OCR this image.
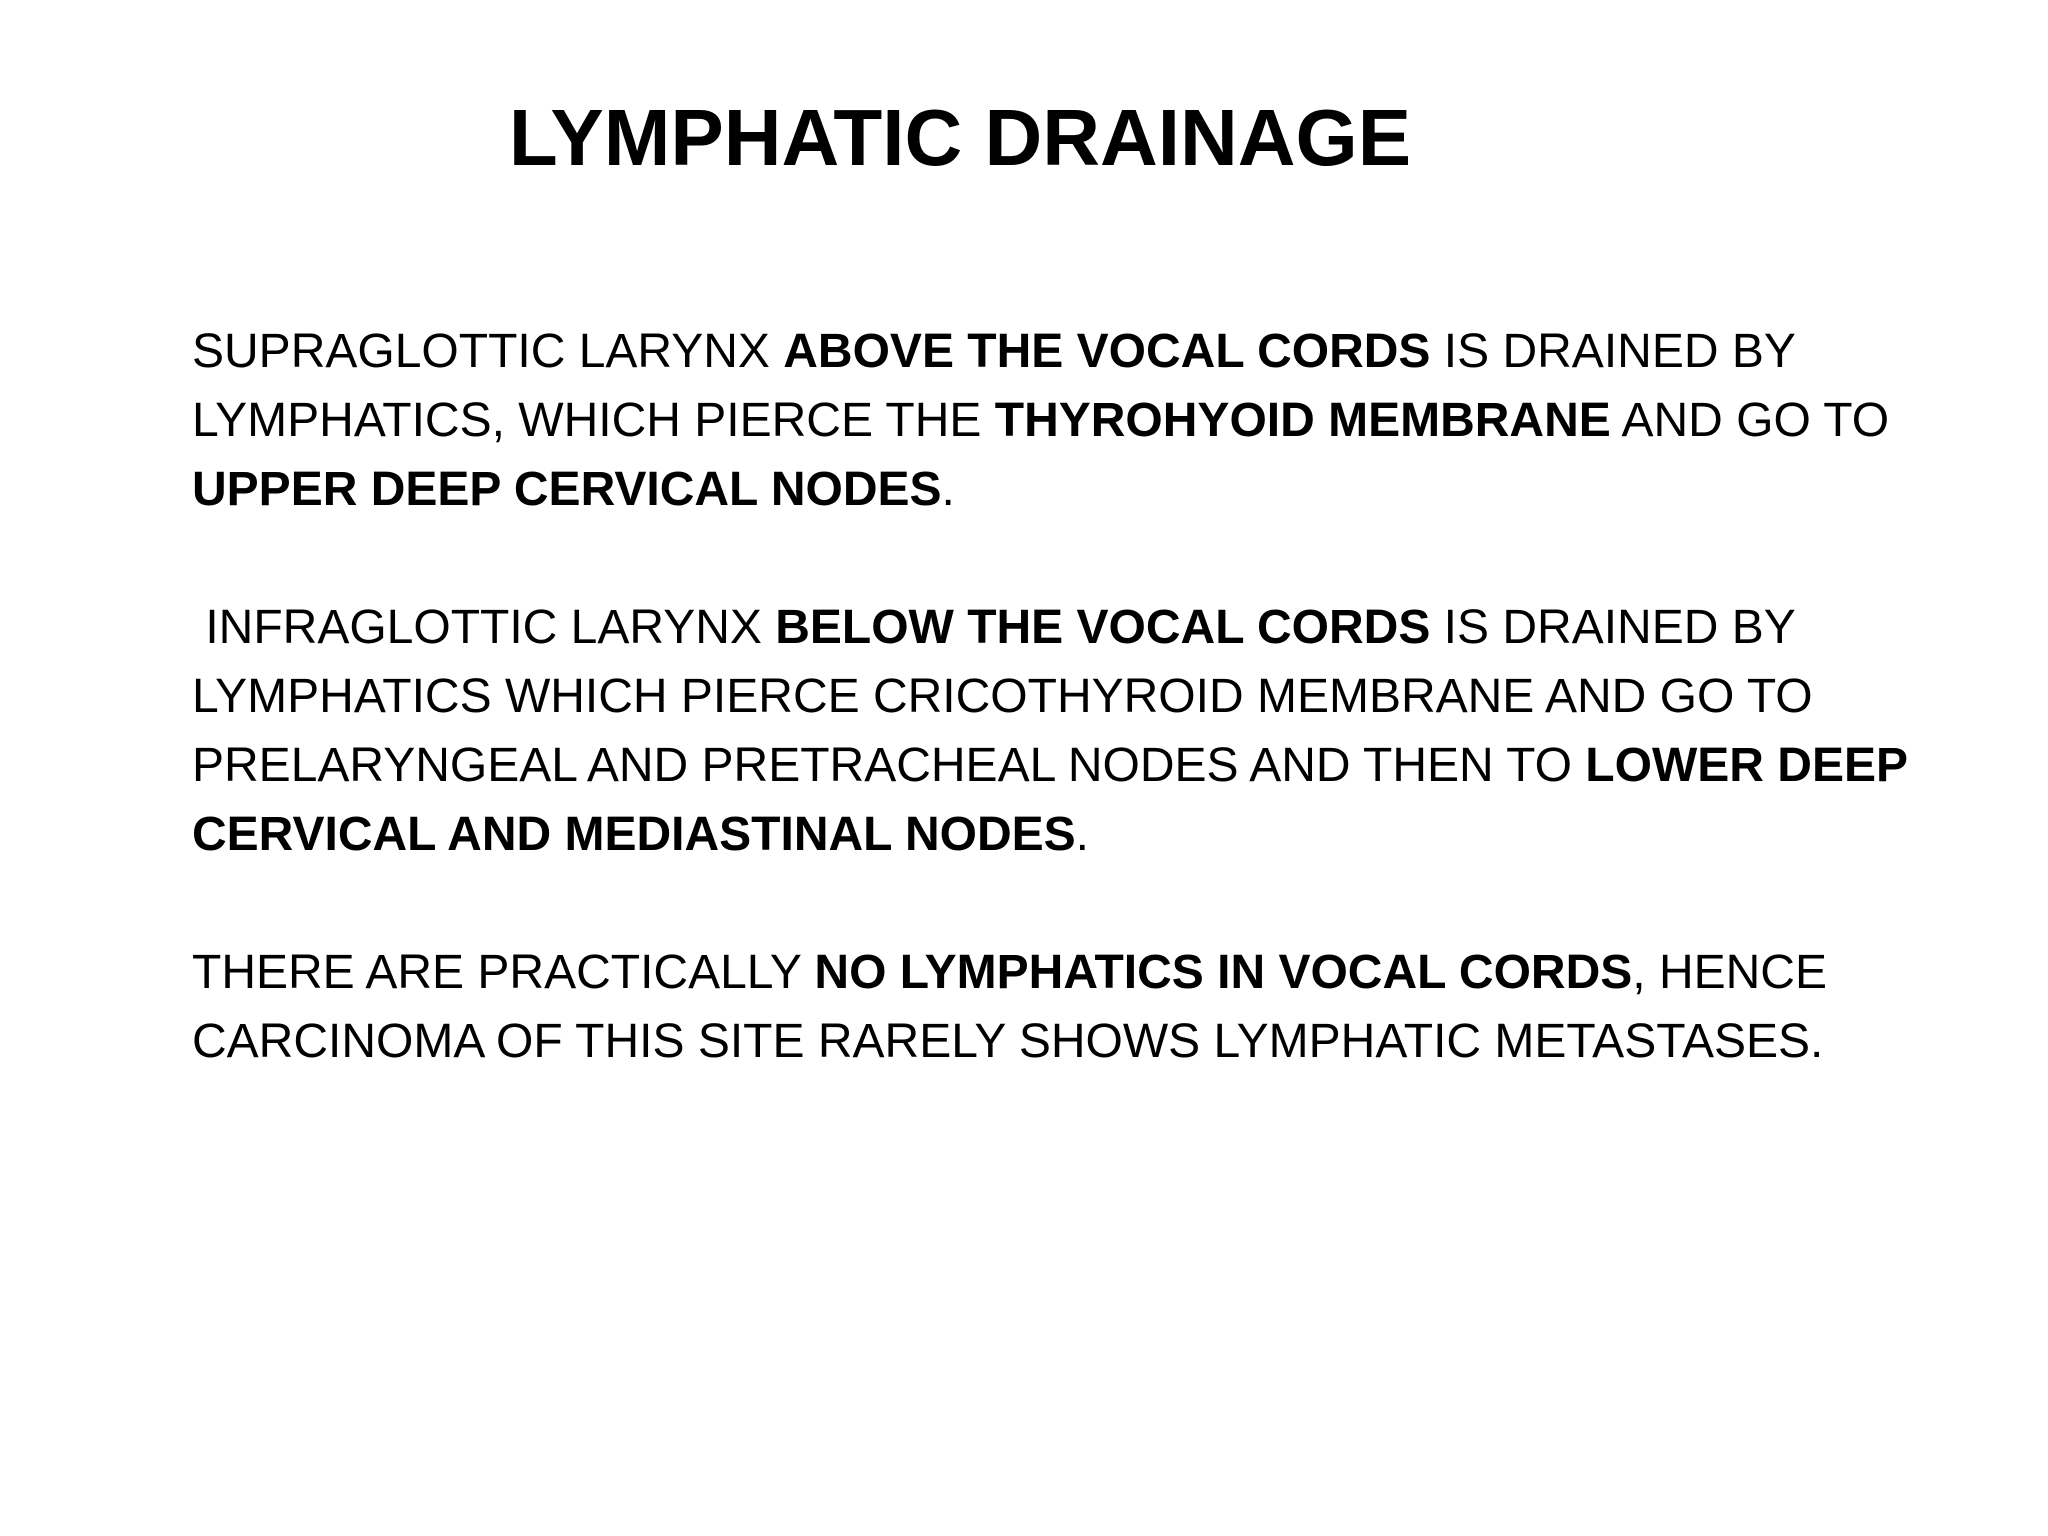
LYMPHATIC DRAINAGE

SUPRAGLOTTIC LARYNX ABOVE THE VOCAL CORDS IS DRAINED BY
LYMPHATICS, WHICH PIERCE THE THYROHYOID MEMBRANE AND GO TO
UPPER DEEP CERVICAL NODES.

INFRAGLOTTIC LARYNX BELOW THE VOCAL CORDS IS DRAINED BY
LYMPHATICS WHICH PIERCE CRICOTHYROID MEMBRANE AND GO TO
PRELARYNGEAL AND PRETRACHEAL NODES AND THEN TO LOWER DEEP
CERVICAL AND MEDIASTINAL NODES.

THERE ARE PRACTICALLY NO LYMPHATICS IN VOCAL CORDS, HENCE
CARCINOMA OF THIS SITE RARELY SHOWS LYMPHATIC METASTASES.
